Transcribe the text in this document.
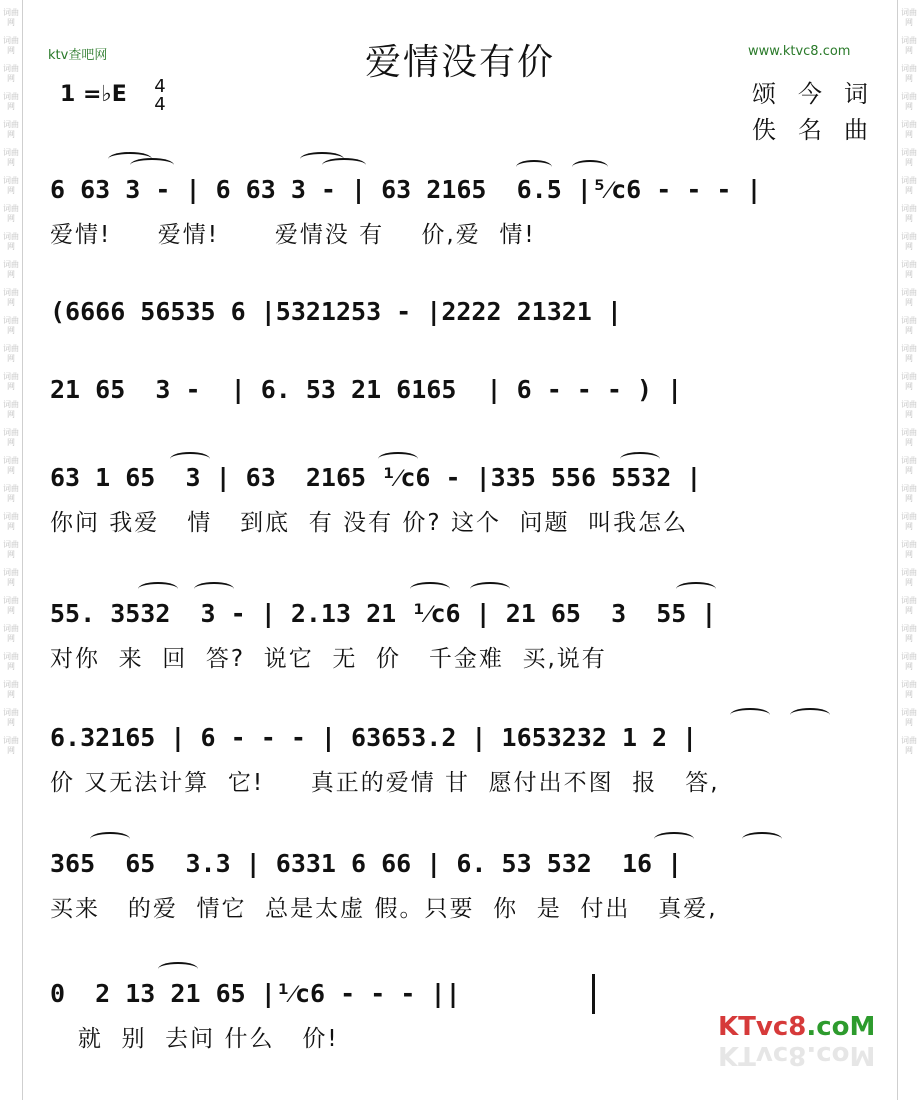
词曲网
词曲网
词曲网
词曲网
词曲网
词曲网
词曲网
词曲网
词曲网
词曲网
词曲网
词曲网
词曲网
词曲网
词曲网
词曲网
词曲网
词曲网
词曲网
词曲网
词曲网
词曲网
词曲网
词曲网
词曲网
词曲网
词曲网
词曲网
词曲网
词曲网
词曲网
词曲网
词曲网
词曲网
词曲网
词曲网
词曲网
词曲网
词曲网
词曲网
词曲网
词曲网
词曲网
词曲网
词曲网
词曲网
词曲网
词曲网
词曲网
词曲网
词曲网
词曲网
词曲网
词曲网
ktv查吧网	www.ktvc8.com
爱情没有价
1 =♭E 4
4	颂今词
佚名曲
6 63 3 - | 6 63 3 - | 63 2165  6.5 |⁵⁄c6 - - - |
爱情!     爱情!      爱情没 有    价,爱  情!
(6666 56535 6 |5321253 - |2222 21321 |
21 65  3 -  | 6. 53 21 6165  | 6 - - - ) |
63 1 65  3 | 63  2165 ¹⁄c6 - |335 556 5532 |
你问 我爱   情   到底  有 没有 价? 这个  问题  叫我怎么
55. 3532  3 - | 2.13 21 ¹⁄c6 | 21 65  3  55 |
对你  来  回  答?  说它  无  价   千金难  买,说有
6.32165 | 6 - - - | 63653.2 | 1653232 1 2 |
价 又无法计算  它!     真正的爱情 甘  愿付出不图  报   答,
365  65  3.3 | 6331 6 66 | 6. 53 532  16 |
买来   的爱  情它  总是太虚 假。只要  你  是  付出   真爱,
0  2 13 21 65 |¹⁄c6 - - - ||
就  别  去问 什么   价!	KTvc8.coM
KTvc8.coM
